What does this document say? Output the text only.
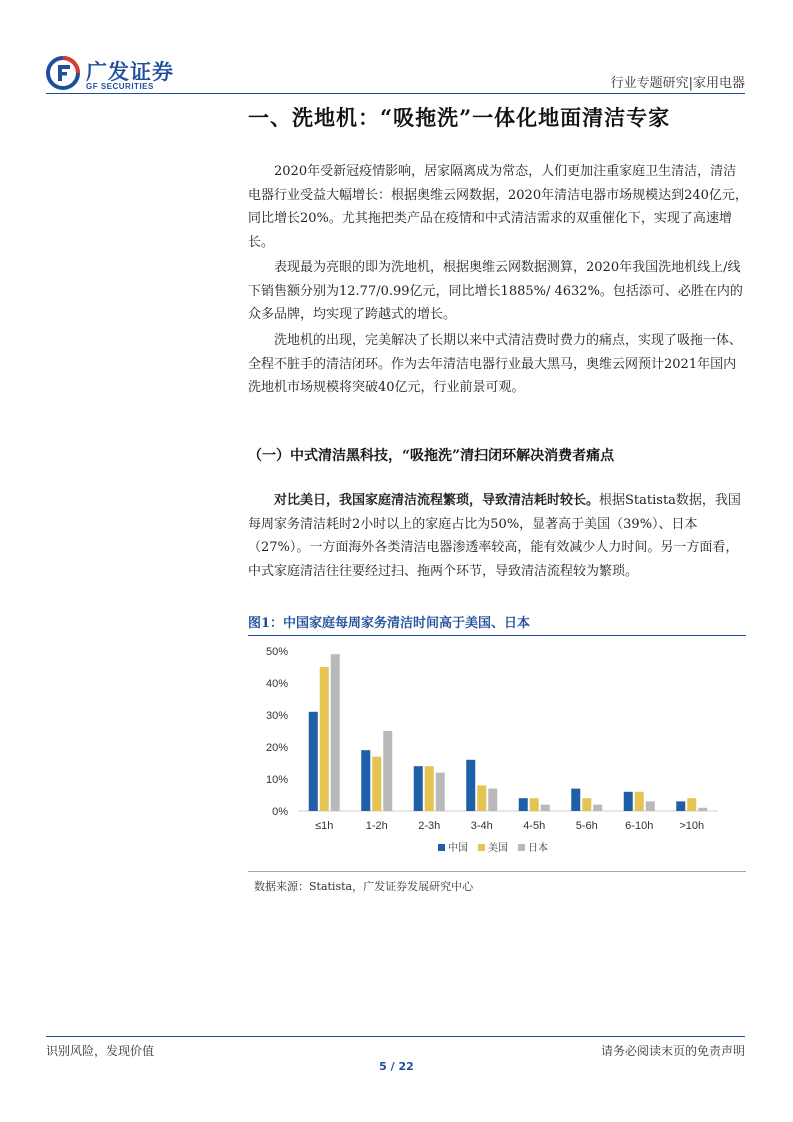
广发证券
GF SECURITIES	行业专题研究|家用电器
一、洗地机：“吸拖洗”一体化地面清洁专家

2020年受新冠疫情影响，居家隔离成为常态，人们更加注重家庭卫生清洁，清洁电器行业受益大幅增长：根据奥维云网数据，2020年清洁电器市场规模达到240亿元，同比增长20%。尤其拖把类产品在疫情和中式清洁需求的双重催化下，实现了高速增长。

表现最为亮眼的即为洗地机，根据奥维云网数据测算，2020年我国洗地机线上/线下销售额分别为12.77/0.99亿元，同比增长1885%/ 4632%。包括添可、必胜在内的众多品牌，均实现了跨越式的增长。

洗地机的出现，完美解决了长期以来中式清洁费时费力的痛点，实现了吸拖一体、全程不脏手的清洁闭环。作为去年清洁电器行业最大黑马，奥维云网预计2021年国内洗地机市场规模将突破40亿元，行业前景可观。

（一）中式清洁黑科技，“吸拖洗”清扫闭环解决消费者痛点

对比美日，我国家庭清洁流程繁琐，导致清洁耗时较长。根据Statista数据，我国每周家务清洁耗时2小时以上的家庭占比为50%，显著高于美国（39%）、日本（27%）。一方面海外各类清洁电器渗透率较高，能有效减少人力时间。另一方面看，中式家庭清洁往往要经过扫、拖两个环节，导致清洁流程较为繁琐。

图1：中国家庭每周家务清洁时间高于美国、日本
0%
10%
20%
30%
40%
50%
≤1h	1-2h	2-3h	3-4h	4-5h	5-6h 6-10h >10h
中国 美国 日本
数据来源：Statista，广发证券发展研究中心
识别风险，发现价值	请务必阅读末页的免责声明
5 / 22
